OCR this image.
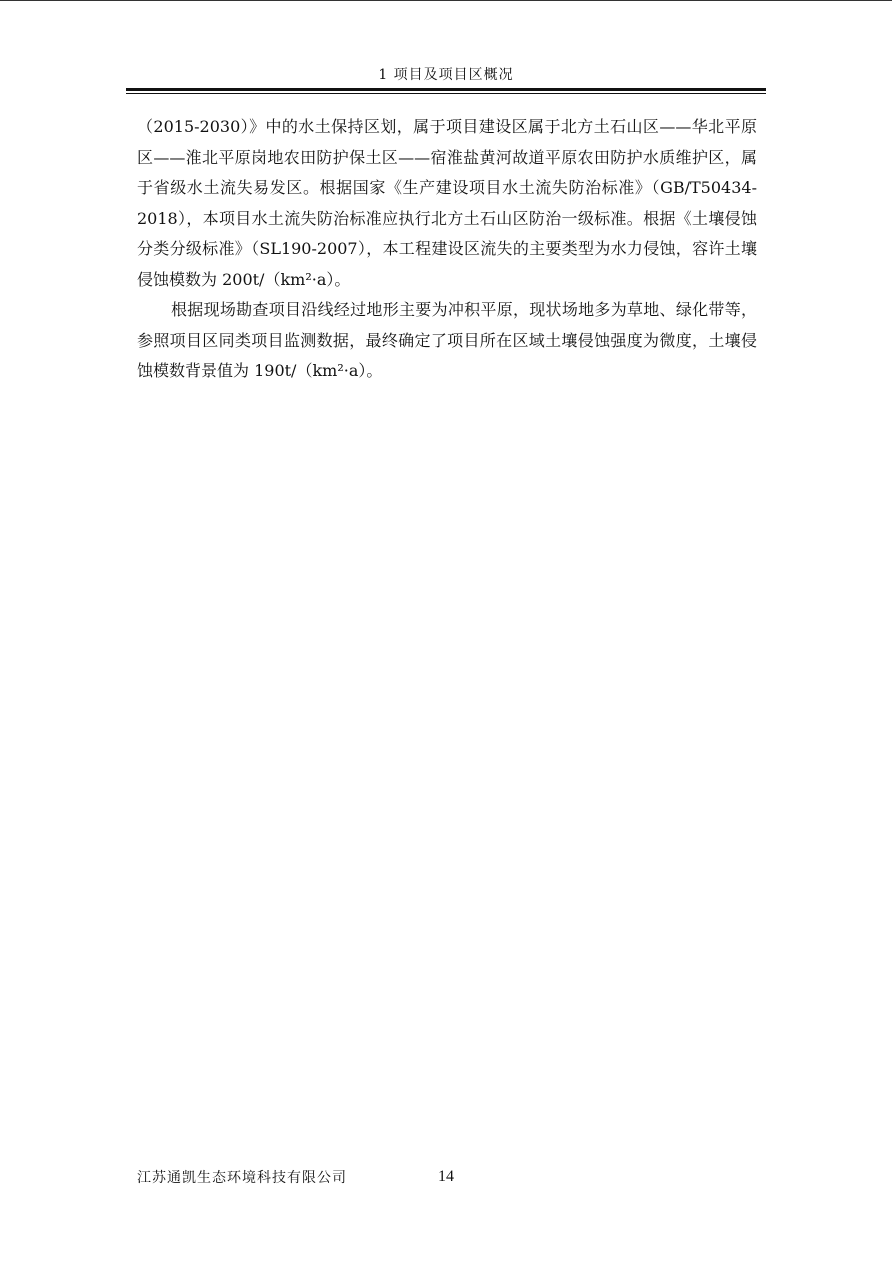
1 项目及项目区概况

（2015-2030）》中的水土保持区划，属于项目建设区属于北方土石山区——华北平原区——淮北平原岗地农田防护保土区——宿淮盐黄河故道平原农田防护水质维护区，属于省级水土流失易发区。根据国家《生产建设项目水土流失防治标准》（GB/T50434-2018），本项目水土流失防治标准应执行北方土石山区防治一级标准。根据《土壤侵蚀分类分级标准》（SL190-2007），本工程建设区流失的主要类型为水力侵蚀，容许土壤侵蚀模数为 200t/（km²·a）。

根据现场勘查项目沿线经过地形主要为冲积平原，现状场地多为草地、绿化带等，参照项目区同类项目监测数据，最终确定了项目所在区域土壤侵蚀强度为微度，土壤侵蚀模数背景值为 190t/（km²·a）。

江苏通凯生态环境科技有限公司	14
